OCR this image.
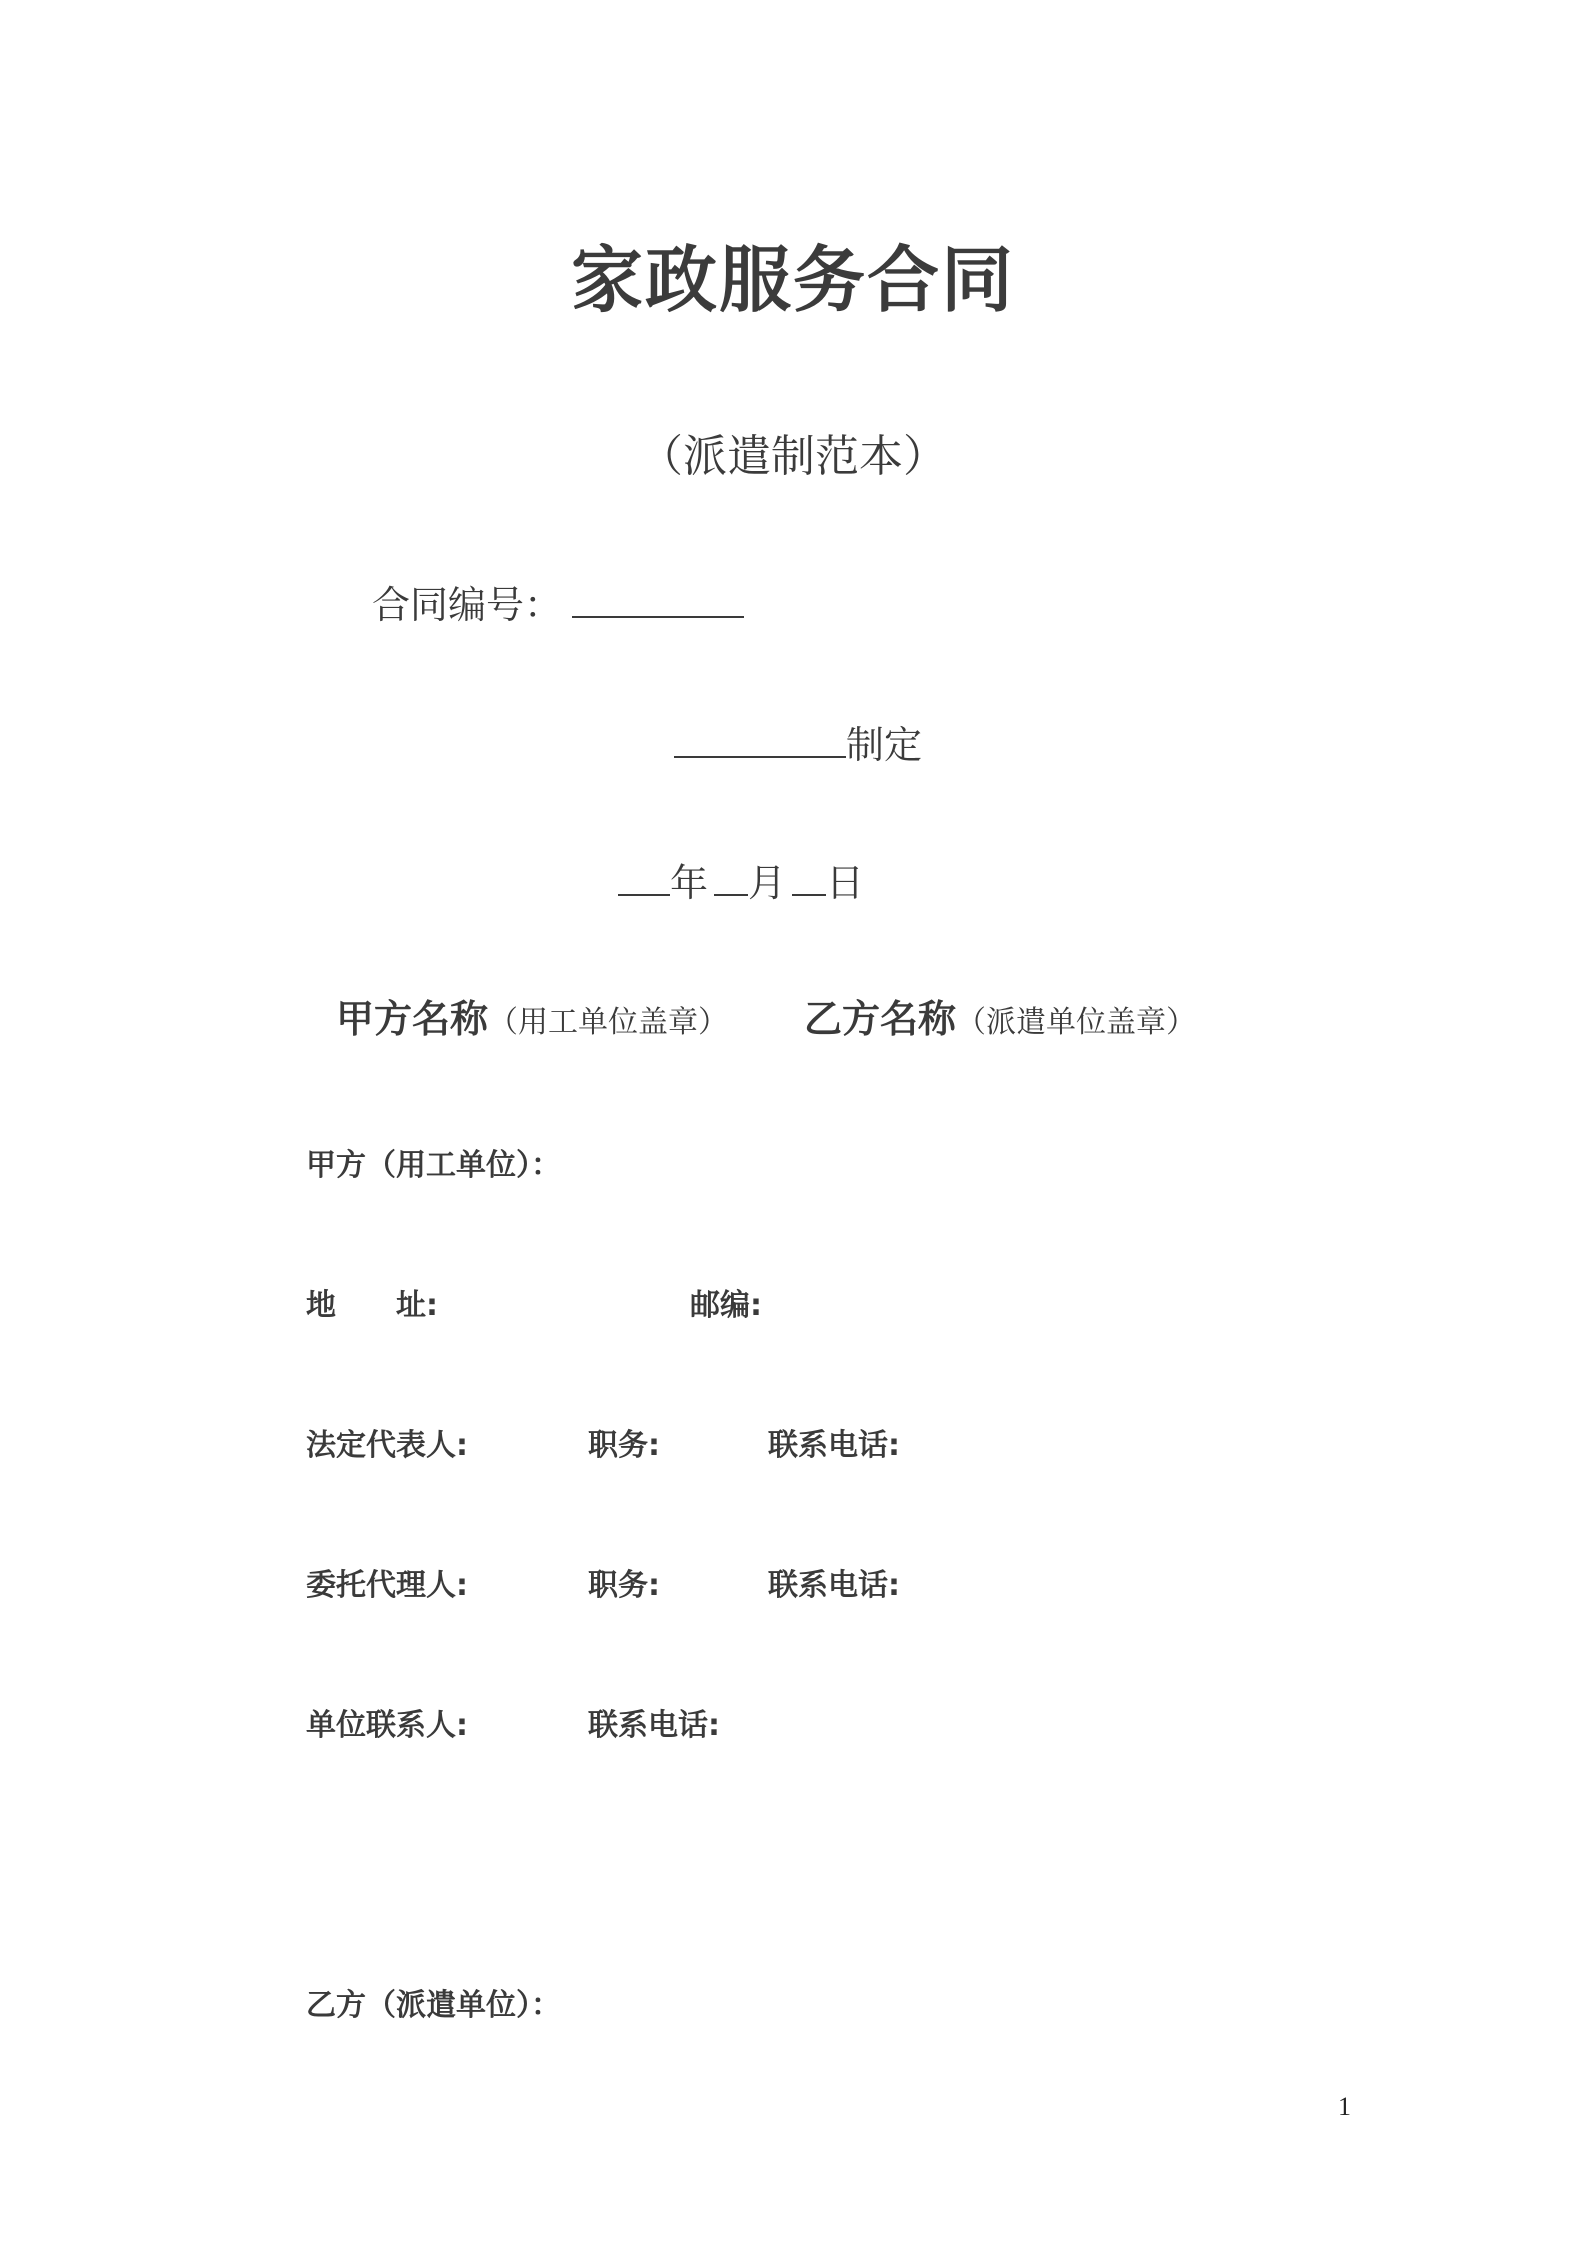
家政服务合同
（派遣制范本）
合同编号：
制定
年 月 日
甲方名称（用工单位盖章） 乙方名称（派遣单位盖章）
甲方（用工单位）：
地　　址:	邮编:
法定代表人:	职务:	联系电话:
委托代理人:	职务:	联系电话:
单位联系人:	联系电话:
乙方（派遣单位）：
1
